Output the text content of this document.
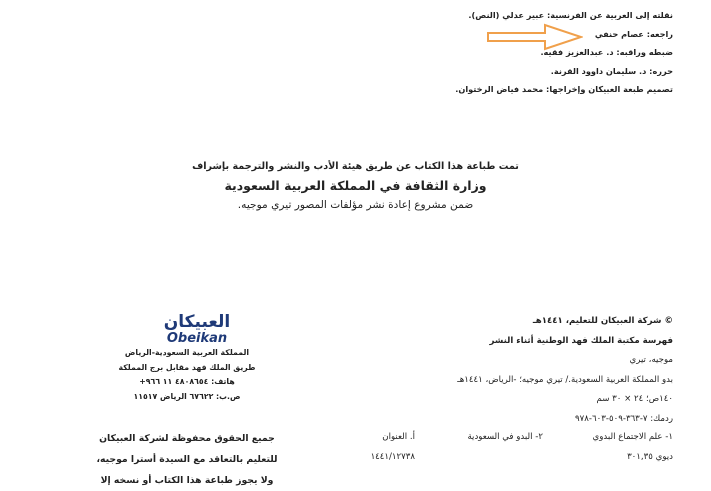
نقلته إلى العربية عن الفرنسية: عبير عدلي (النص).
راجعه: عصام حنفي
ضبطه وراقبه: د. عبدالعزيز فقيه.
حرره: د. سليمان داوود القرنة.
تصميم طبعة العبيكان وإخراجها: محمد فياض الرختوان.
تمت طباعة هذا الكتاب عن طريق هيئة الأدب والنشر والترجمة بإشراف
وزارة الثقافة في المملكة العربية السعودية
ضمن مشروع إعادة نشر مؤلفات المصور تيري موجيه.
© شركة العبيكان للتعليم، ١٤٤١هـ
فهرسة مكتبة الملك فهد الوطنية أثناء النشر
موجيه، تيري
بدو المملكة العربية السعودية./ تيري موجيه؛ -الرياض، ١٤٤١هـ
١٤٠ص؛ ٢٤ × ٣٠ سم
ردمك: ٧-٣٦٣-٥٠٩-٦٠٣-٩٧٨
١- علم الاجتماع البدوي
٢- البدو في السعودية
أ. العنوان
ديوي ٣٠١,٣٥
١٤٤١/١٢٧٣٨
العبيكان
Obeikan
المملكة العربية السعودية-الرياض
طريق الملك فهد مقابل برج المملكة
هاتف: ٤٨٠٨٦٥٤ ١١ ٩٦٦+
ص.ب: ٦٧٦٢٢ الرياض ١١٥١٧
جميع الحقوق محفوظة لشركة العبيكان
للتعليم بالتعاقد مع السيدة أسترا موجيه،
ولا يجوز طباعة هذا الكتاب أو نسخه إلا
